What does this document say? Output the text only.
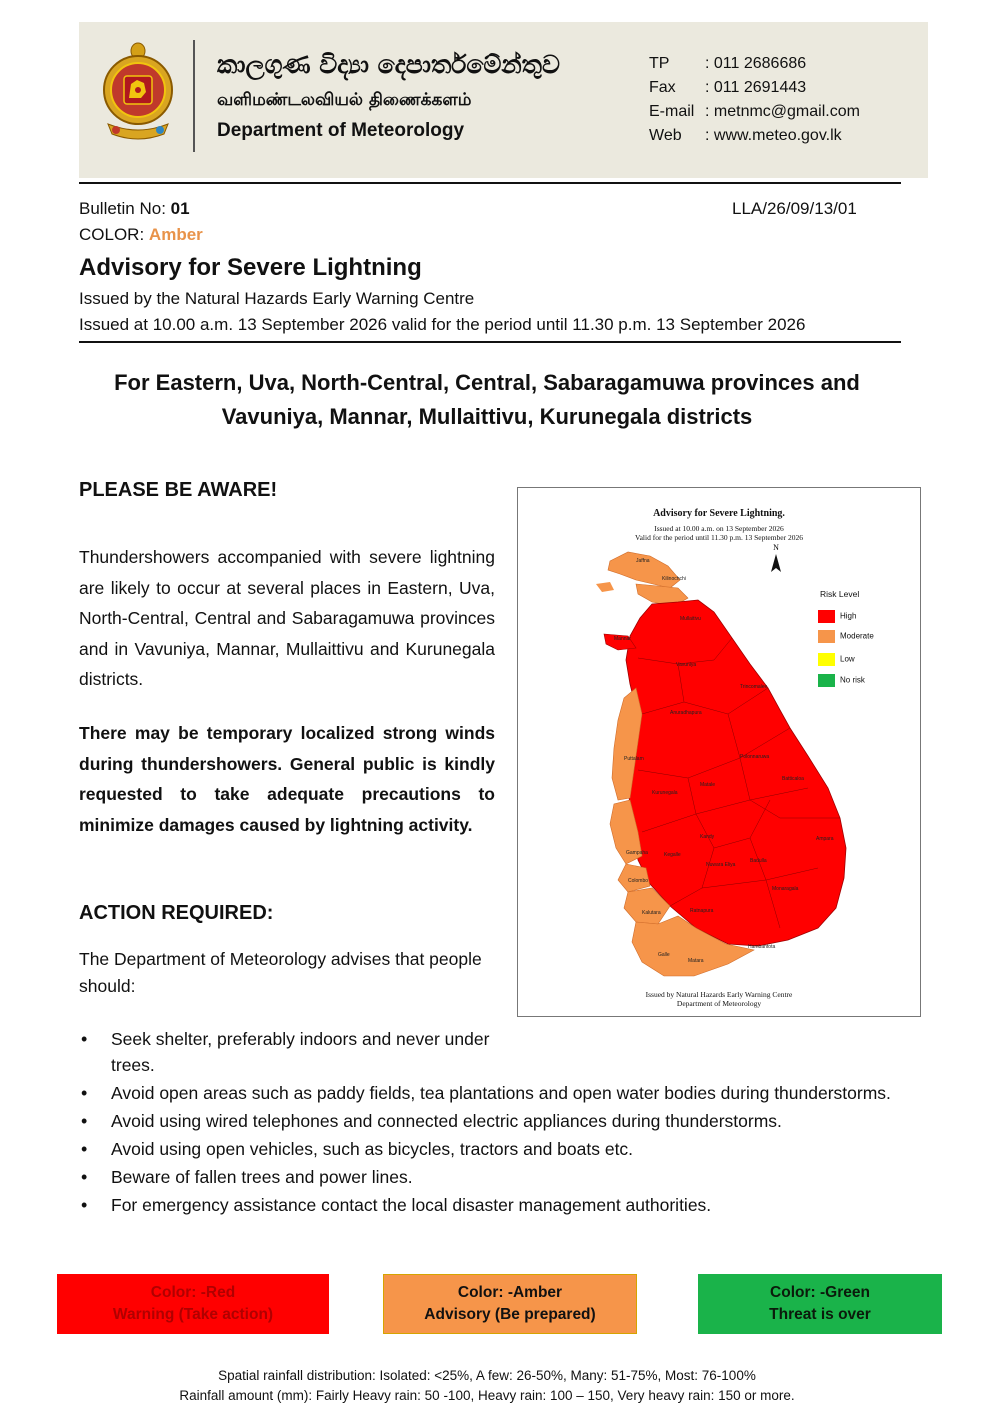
කාලගුණ විද්‍යා දෙපාර්තමේන්තුව
வளிமண்டலவியல் திணைக்களம்
Department of Meteorology
TP : 011 2686686
Fax : 011 2691443
E-mail : metnmc@gmail.com
Web : www.meteo.gov.lk
Bulletin No: 01	LLA/26/09/13/01
COLOR: Amber
Advisory for Severe Lightning
Issued by the Natural Hazards Early Warning Centre
Issued at 10.00 a.m. 13 September 2026 valid for the period until 11.30 p.m. 13 September 2026
For Eastern, Uva, North-Central, Central, Sabaragamuwa provinces and
Vavuniya, Mannar, Mullaittivu, Kurunegala districts
PLEASE BE AWARE!
Thundershowers accompanied with severe lightning are likely to occur at several places in Eastern, Uva, North-Central, Central and Sabaragamuwa provinces and in Vavuniya, Mannar, Mullaittivu and Kurunegala districts.
There may be temporary localized strong winds during thundershowers. General public is kindly requested to take adequate precautions to minimize damages caused by lightning activity.
ACTION REQUIRED:
The Department of Meteorology advises that people should:
• Seek shelter, preferably indoors and never under trees.
• Avoid open areas such as paddy fields, tea plantations and open water bodies during thunderstorms.
• Avoid using wired telephones and connected electric appliances during thunderstorms.
• Avoid using open vehicles, such as bicycles, tractors and boats etc.
• Beware of fallen trees and power lines.
• For emergency assistance contact the local disaster management authorities.
Advisory for Severe Lightning.
Issued at 10.00 a.m. on 13 September 2026
Valid for the period until 11.30 p.m. 13 September 2026
N
Jaffna
Kilinochchi
Mullaitivu
Mannar
Vavuniya
Trincomalee
Anuradhapura
Puttalam	Polonnaruwa
Batticaloa
Kurunegala
Matale
Kandy	Ampara
Gampaha	Kegalle
Nuwara Eliya
Badulla
Colombo
Monaragala
Kalutara	Ratnapura
Hambantota
Galle
Matara
Risk Level
High
Moderate
Low
No risk
Issued by Natural Hazards Early Warning Centre
Department of Meteorology
Color: -Red
Warning (Take action)
Color: -Amber
Advisory (Be prepared)
Color: -Green
Threat is over
Spatial rainfall distribution: Isolated: <25%, A few: 26-50%, Many: 51-75%, Most: 76-100%
Rainfall amount (mm): Fairly Heavy rain: 50 -100, Heavy rain: 100 – 150, Very heavy rain: 150 or more.
